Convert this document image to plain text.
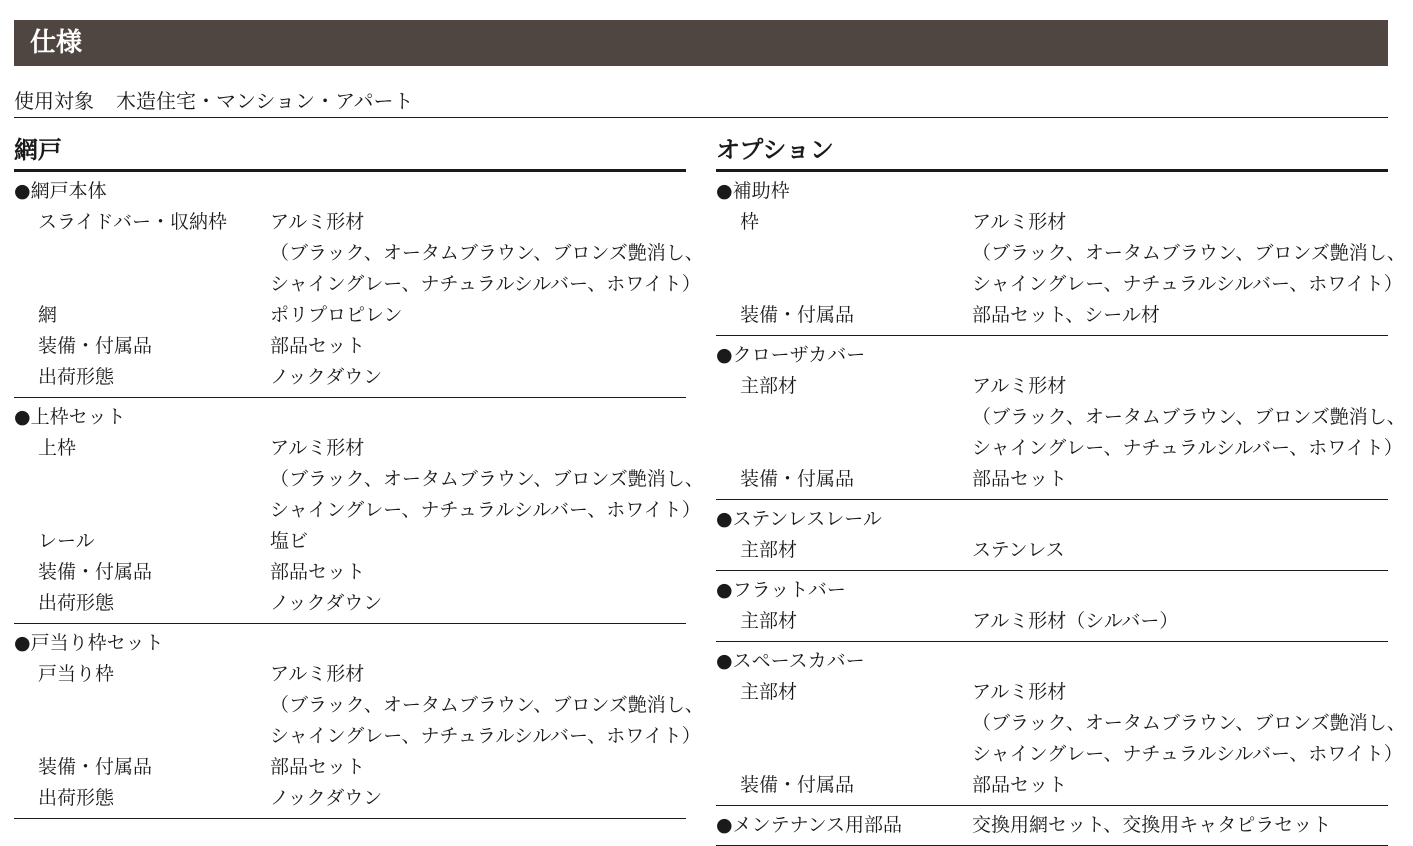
仕様
使用対象 木造住宅・マンション・アパート
網戸
●網戸本体
スライドバー・収納枠	アルミ形材
（ブラック、オータムブラウン、ブロンズ艶消し、
シャイングレー、ナチュラルシルバー、ホワイト）
網	ポリプロピレン
装備・付属品	部品セット
出荷形態	ノックダウン
●上枠セット
上枠	アルミ形材
（ブラック、オータムブラウン、ブロンズ艶消し、
シャイングレー、ナチュラルシルバー、ホワイト）
レール	塩ビ
装備・付属品	部品セット
出荷形態	ノックダウン
●戸当り枠セット
戸当り枠	アルミ形材
（ブラック、オータムブラウン、ブロンズ艶消し、
シャイングレー、ナチュラルシルバー、ホワイト）
装備・付属品	部品セット
出荷形態	ノックダウン
オプション
●補助枠
枠	アルミ形材
（ブラック、オータムブラウン、ブロンズ艶消し、
シャイングレー、ナチュラルシルバー、ホワイト）
装備・付属品	部品セット、シール材
●クローザカバー
主部材	アルミ形材
（ブラック、オータムブラウン、ブロンズ艶消し、
シャイングレー、ナチュラルシルバー、ホワイト）
装備・付属品	部品セット
●ステンレスレール
主部材	ステンレス
●フラットバー
主部材	アルミ形材（シルバー）
●スペースカバー
主部材	アルミ形材
（ブラック、オータムブラウン、ブロンズ艶消し、
シャイングレー、ナチュラルシルバー、ホワイト）
装備・付属品	部品セット
●メンテナンス用部品	交換用網セット、交換用キャタピラセット
